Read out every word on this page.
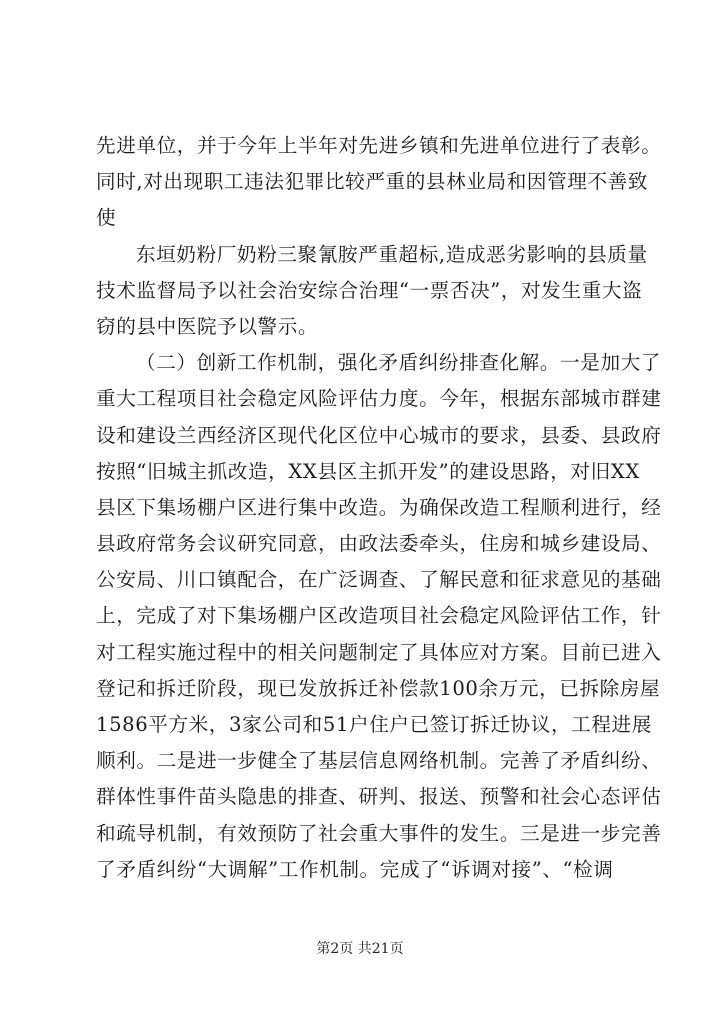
先进单位，并于今年上半年对先进乡镇和先进单位进行了表彰。
同时,对出现职工违法犯罪比较严重的县林业局和因管理不善致
使
东垣奶粉厂奶粉三聚氰胺严重超标,造成恶劣影响的县质量
技术监督局予以社会治安综合治理“一票否决”，对发生重大盗
窃的县中医院予以警示。
（二）创新工作机制，强化矛盾纠纷排查化解。一是加大了
重大工程项目社会稳定风险评估力度。今年，根据东部城市群建
设和建设兰西经济区现代化区位中心城市的要求，县委、县政府
按照“旧城主抓改造，XX县区主抓开发”的建设思路，对旧XX
县区下集场棚户区进行集中改造。为确保改造工程顺利进行，经
县政府常务会议研究同意，由政法委牵头，住房和城乡建设局、
公安局、川口镇配合，在广泛调查、了解民意和征求意见的基础
上，完成了对下集场棚户区改造项目社会稳定风险评估工作，针
对工程实施过程中的相关问题制定了具体应对方案。目前已进入
登记和拆迁阶段，现已发放拆迁补偿款100余万元，已拆除房屋
1586平方米，3家公司和51户住户已签订拆迁协议，工程进展
顺利。二是进一步健全了基层信息网络机制。完善了矛盾纠纷、
群体性事件苗头隐患的排查、研判、报送、预警和社会心态评估
和疏导机制，有效预防了社会重大事件的发生。三是进一步完善
了矛盾纠纷“大调解”工作机制。完成了“诉调对接”、“检调
第2页 共21页
